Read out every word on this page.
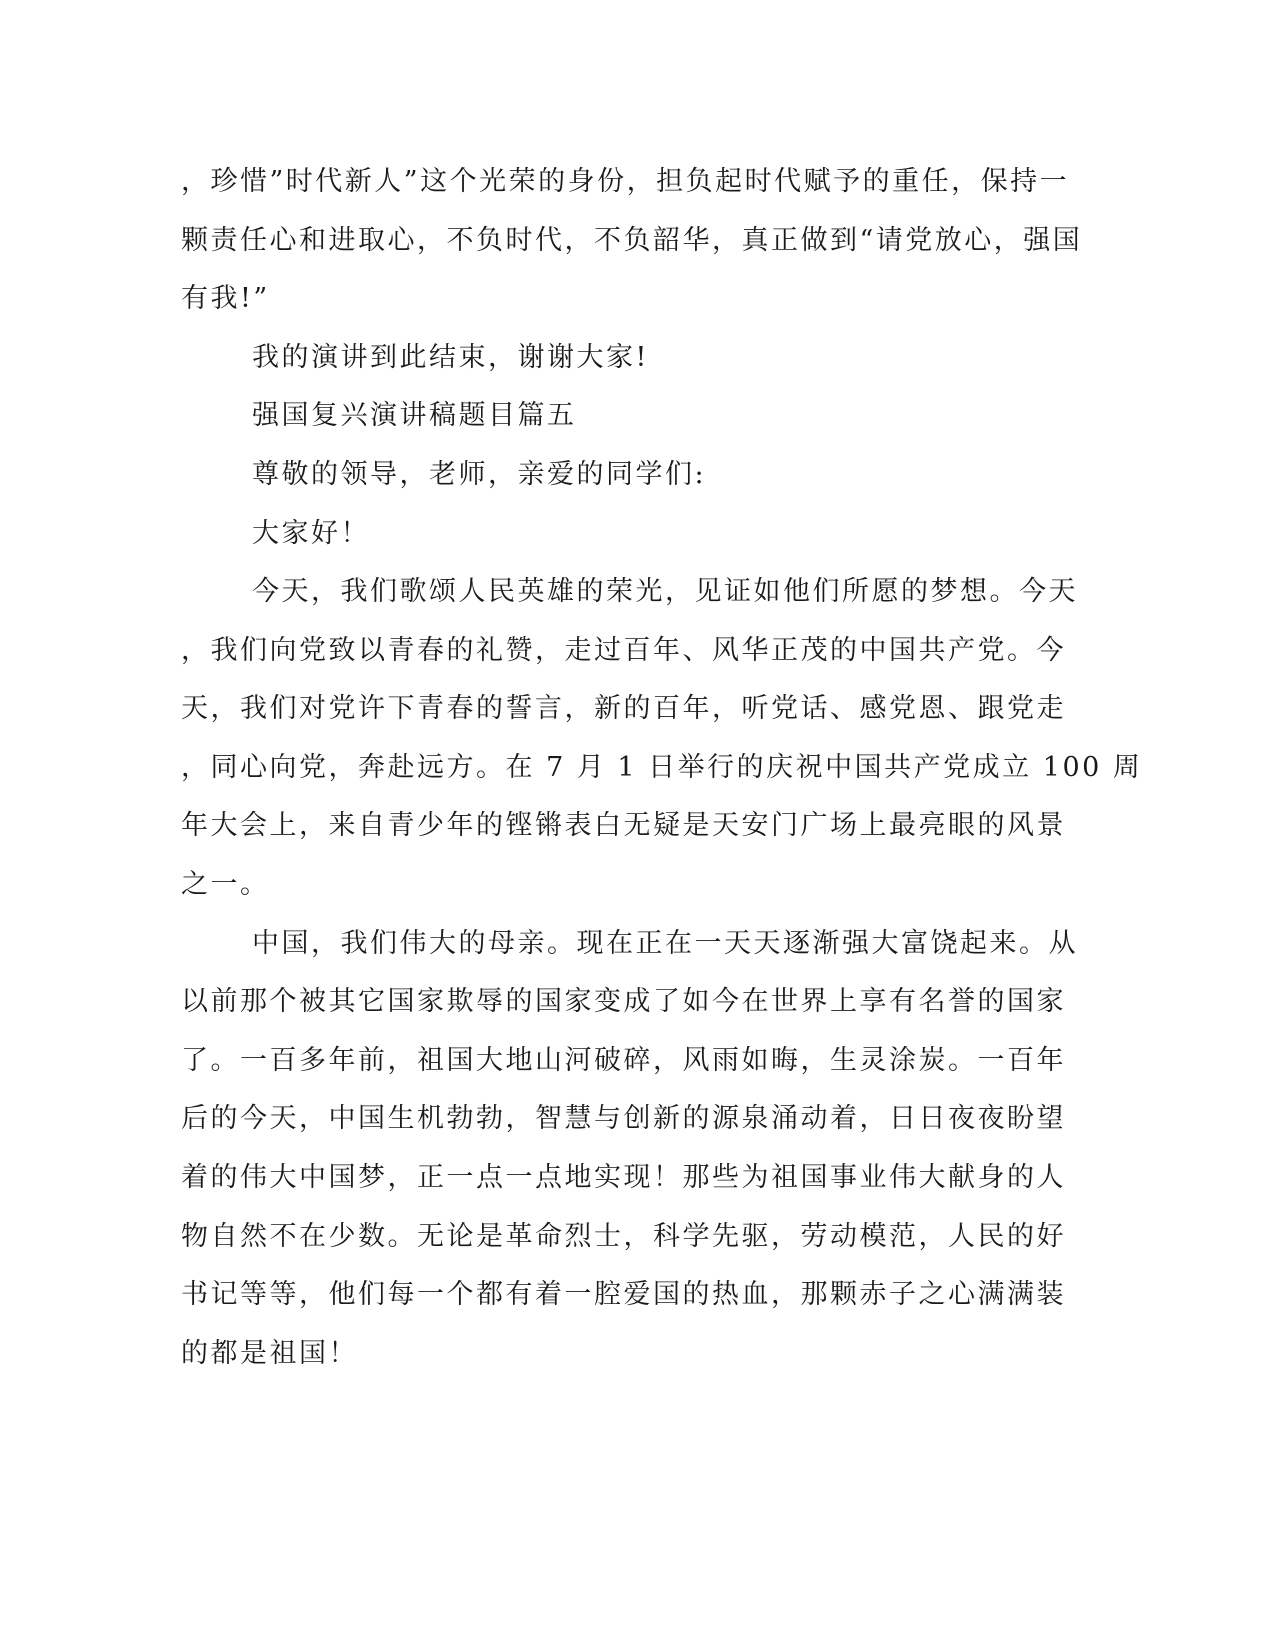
，珍惜”时代新人”这个光荣的身份，担负起时代赋予的重任，保持一
颗责任心和进取心，不负时代，不负韶华，真正做到“请党放心，强国
有我!”
我的演讲到此结束，谢谢大家!
强国复兴演讲稿题目篇五
尊敬的领导，老师，亲爱的同学们:
大家好！
今天，我们歌颂人民英雄的荣光，见证如他们所愿的梦想。今天
，我们向党致以青春的礼赞，走过百年、风华正茂的中国共产党。今
天，我们对党许下青春的誓言，新的百年，听党话、感党恩、跟党走
，同心向党，奔赴远方。在 7 月 1 日举行的庆祝中国共产党成立 100 周
年大会上，来自青少年的铿锵表白无疑是天安门广场上最亮眼的风景
之一。
中国，我们伟大的母亲。现在正在一天天逐渐强大富饶起来。从
以前那个被其它国家欺辱的国家变成了如今在世界上享有名誉的国家
了。一百多年前，祖国大地山河破碎，风雨如晦，生灵涂炭。一百年
后的今天，中国生机勃勃，智慧与创新的源泉涌动着，日日夜夜盼望
着的伟大中国梦，正一点一点地实现！那些为祖国事业伟大献身的人
物自然不在少数。无论是革命烈士，科学先驱，劳动模范，人民的好
书记等等，他们每一个都有着一腔爱国的热血，那颗赤子之心满满装
的都是祖国！
